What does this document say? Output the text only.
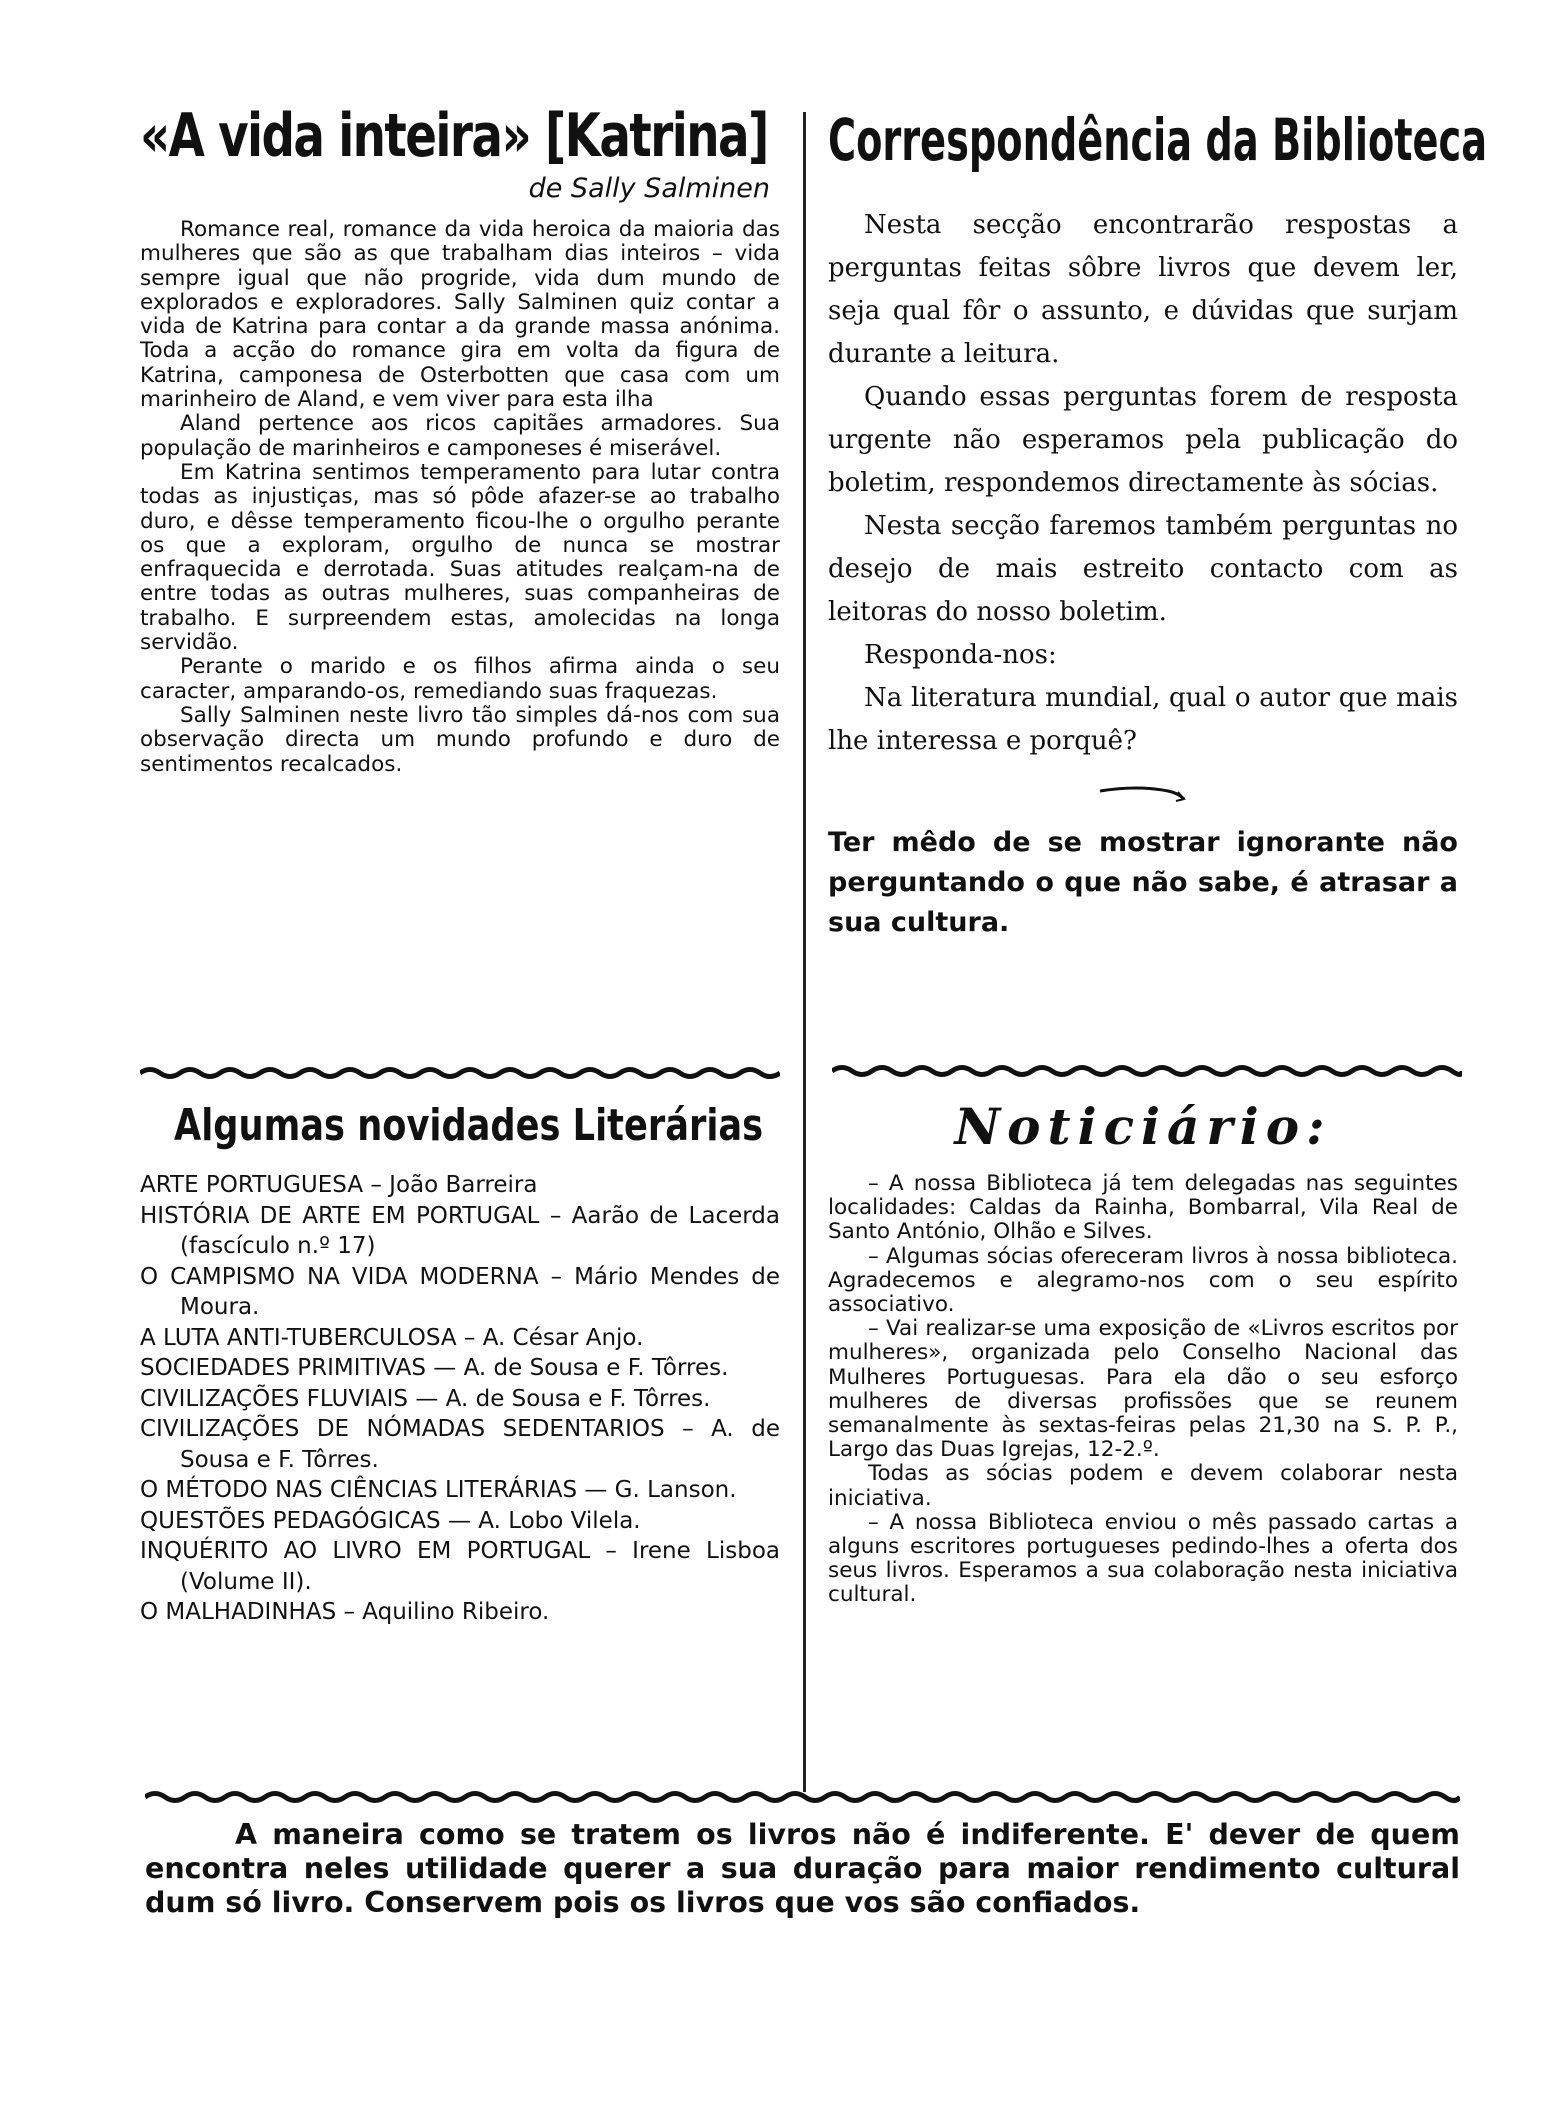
«A vida inteira» [Katrina]
de Sally Salminen

Romance real, romance da vida heroica da maioria das mulheres que são as que trabalham dias inteiros – vida sempre igual que não progride, vida dum mundo de explorados e exploradores. Sally Salminen quiz contar a vida de Katrina para contar a da grande massa anónima. Toda a acção do romance gira em volta da figura de Katrina, camponesa de Osterbotten que casa com um marinheiro de Aland, e vem viver para esta ilha

Aland pertence aos ricos capitães armadores. Sua população de marinheiros e camponeses é miserável.

Em Katrina sentimos temperamento para lutar contra todas as injustiças, mas só pôde afazer-se ao trabalho duro, e dêsse temperamento ficou-lhe o orgulho perante os que a exploram, orgulho de nunca se mostrar enfraquecida e derrotada. Suas atitudes realçam-na de entre todas as outras mulheres, suas companheiras de trabalho. E surpreendem estas, amolecidas na longa servidão.

Perante o marido e os filhos afirma ainda o seu caracter, amparando-os, remediando suas fraquezas.

Sally Salminen neste livro tão simples dá-nos com sua observação directa um mundo profundo e duro de sentimentos recalcados.

Correspondência da Biblioteca

Nesta secção encontrarão respostas a perguntas feitas sôbre livros que devem ler, seja qual fôr o assunto, e dúvidas que surjam durante a leitura.

Quando essas perguntas forem de resposta urgente não esperamos pela publicação do boletim, respondemos directamente às sócias.

Nesta secção faremos também perguntas no desejo de mais estreito contacto com as leitoras do nosso boletim.

Responda-nos:

Na literatura mundial, qual o autor que mais lhe interessa e porquê?

Ter mêdo de se mostrar ignorante não perguntando o que não sabe, é atrasar a sua cultura.
Algumas novidades Literárias
ARTE PORTUGUESA – João Barreira
HISTÓRIA DE ARTE EM PORTUGAL – Aarão de Lacerda (fascículo n.º 17)
O CAMPISMO NA VIDA MODERNA – Mário Mendes de Moura.
A LUTA ANTI-TUBERCULOSA – A. César Anjo.
SOCIEDADES PRIMITIVAS — A. de Sousa e F. Tôrres.
CIVILIZAÇÕES FLUVIAIS — A. de Sousa e F. Tôrres.
CIVILIZAÇÕES DE NÓMADAS SEDENTARIOS – A. de Sousa e F. Tôrres.
O MÉTODO NAS CIÊNCIAS LITERÁRIAS — G. Lanson.
QUESTÕES PEDAGÓGICAS — A. Lobo Vilela.
INQUÉRITO AO LIVRO EM PORTUGAL – Irene Lisboa (Volume II).
O MALHADINHAS – Aquilino Ribeiro.
Noticiário:

– A nossa Biblioteca já tem delegadas nas seguintes localidades: Caldas da Rainha, Bombarral, Vila Real de Santo António, Olhão e Silves.

– Algumas sócias ofereceram livros à nossa biblioteca. Agradecemos e alegramo-nos com o seu espírito associativo.

– Vai realizar-se uma exposição de «Livros escritos por mulheres», organizada pelo Conselho Nacional das Mulheres Portuguesas. Para ela dão o seu esforço mulheres de diversas profissões que se reunem semanalmente às sextas-feiras pelas 21,30 na S. P. P., Largo das Duas Igrejas, 12-2.º.

Todas as sócias podem e devem colaborar nesta iniciativa.

– A nossa Biblioteca enviou o mês passado cartas a alguns escritores portugueses pedindo-lhes a oferta dos seus livros. Esperamos a sua colaboração nesta iniciativa cultural.

A maneira como se tratem os livros não é indiferente. E' dever de quem encontra neles utilidade querer a sua duração para maior rendimento cultural dum só livro. Conservem pois os livros que vos são confiados.
